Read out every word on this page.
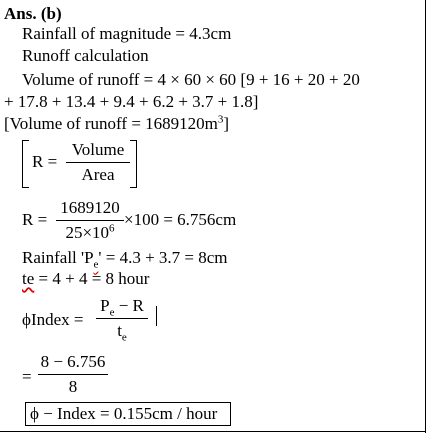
Ans. (b)
Rainfall of magnitude = 4.3cm
Runoff calculation
Volume of runoff = 4 × 60 × 60 [9 + 16 + 20 + 20
+ 17.8 + 13.4 + 9.4 + 6.2 + 3.7 + 1.8]
[Volume of runoff = $1689120m^3$]
R =
Volume
Area
R =
1689120
$25\times 10^6 \times 100 = 6.756cm$
Rainfall '$P_e' = 4.3 + 3.7 = 8cm$
te = 4 + 4 = 8 hour
ϕIndex =
$P_e - R$
$t_e$
=
8 − 6.756
8
ϕ − Index = 0.155cm / hour
